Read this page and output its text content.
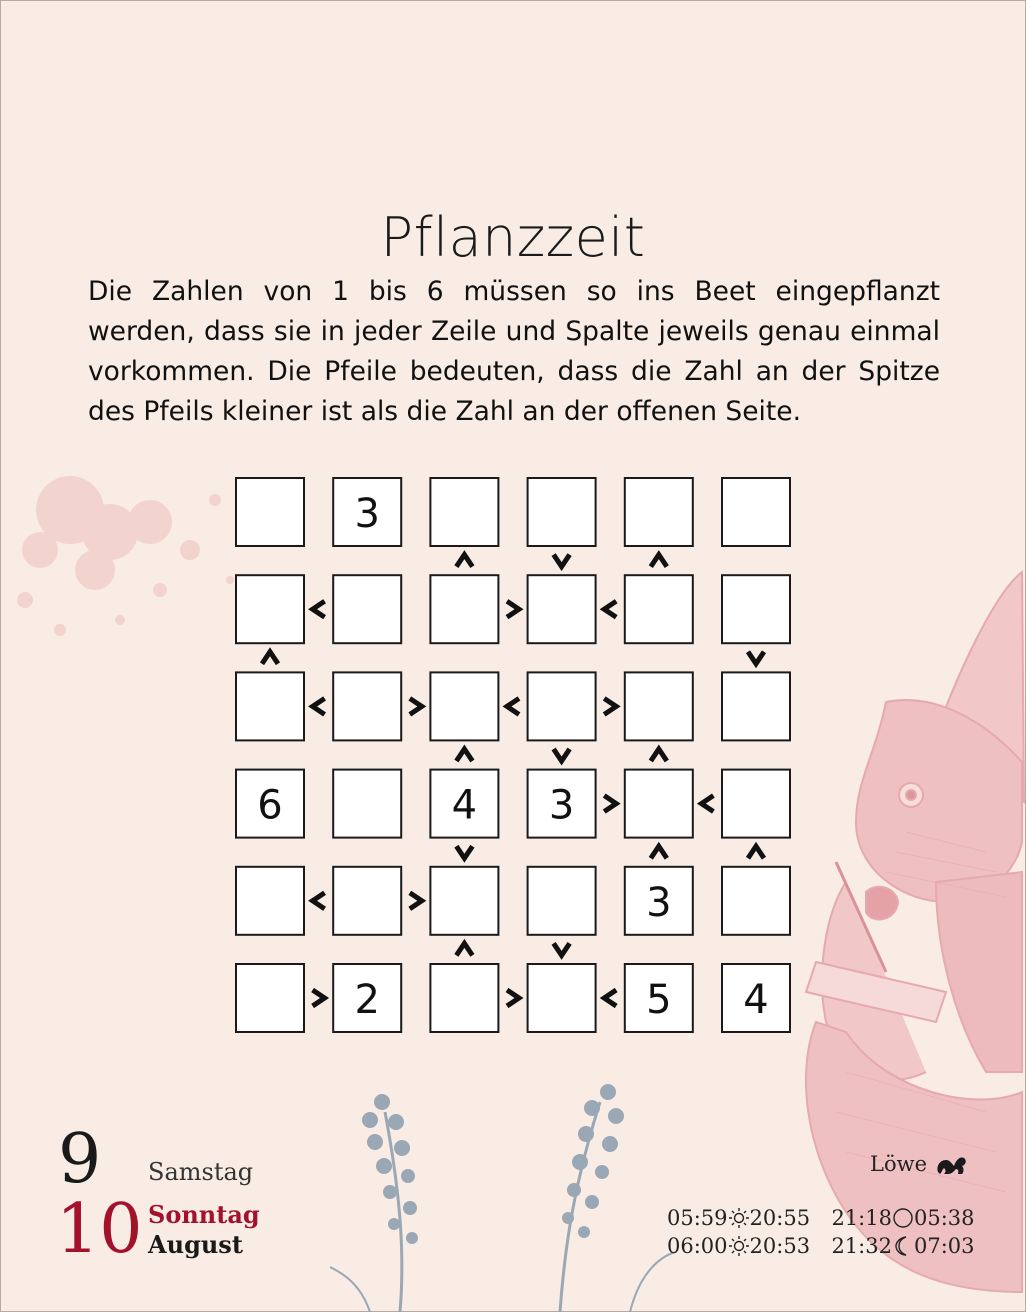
Pflanzzeit

Die Zahlen von 1 bis 6 müssen so ins Beet eingepflanzt werden, dass sie in jeder Zeile und Spalte jeweils genau einmal vorkommen. Die Pfeile bedeuten, dass die Zahl an der Spitze des Pfeils kleiner ist als die Zahl an der offenen Seite.

3
6	4 3
3
2	5 4
9 Samstag
10 Sonntag
August
Löwe
05:59 20:55 21:18 05:38
06:00 20:53 21:32 07:03
